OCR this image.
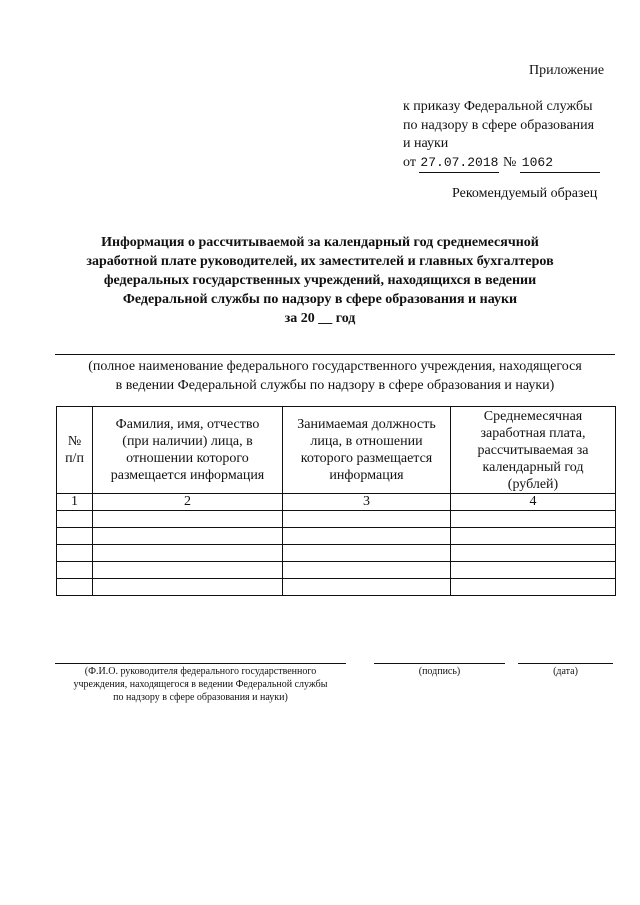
Приложение
к приказу Федеральной службы
по надзору в сфере образования
и науки
от 27.07.2018 № 1062
Рекомендуемый образец
Информация о рассчитываемой за календарный год среднемесячной
заработной плате руководителей, их заместителей и главных бухгалтеров
федеральных государственных учреждений, находящихся в ведении
Федеральной службы по надзору в сфере образования и науки
за 20 __ год
(полное наименование федерального государственного учреждения, находящегося
в ведении Федеральной службы по надзору в сфере образования и науки)
№ п/п	Фамилия, имя, отчество (при наличии) лица, в отношении которого размещается информация	Занимаемая должность лица, в отношении которого размещается информация	Среднемесячная заработная плата, рассчитываемая за календарный год (рублей)
1	2	3	4

(Ф.И.О. руководителя федерального государственного
учреждения, находящегося в ведении Федеральной службы
по надзору в сфере образования и науки)
(подпись)	(дата)
